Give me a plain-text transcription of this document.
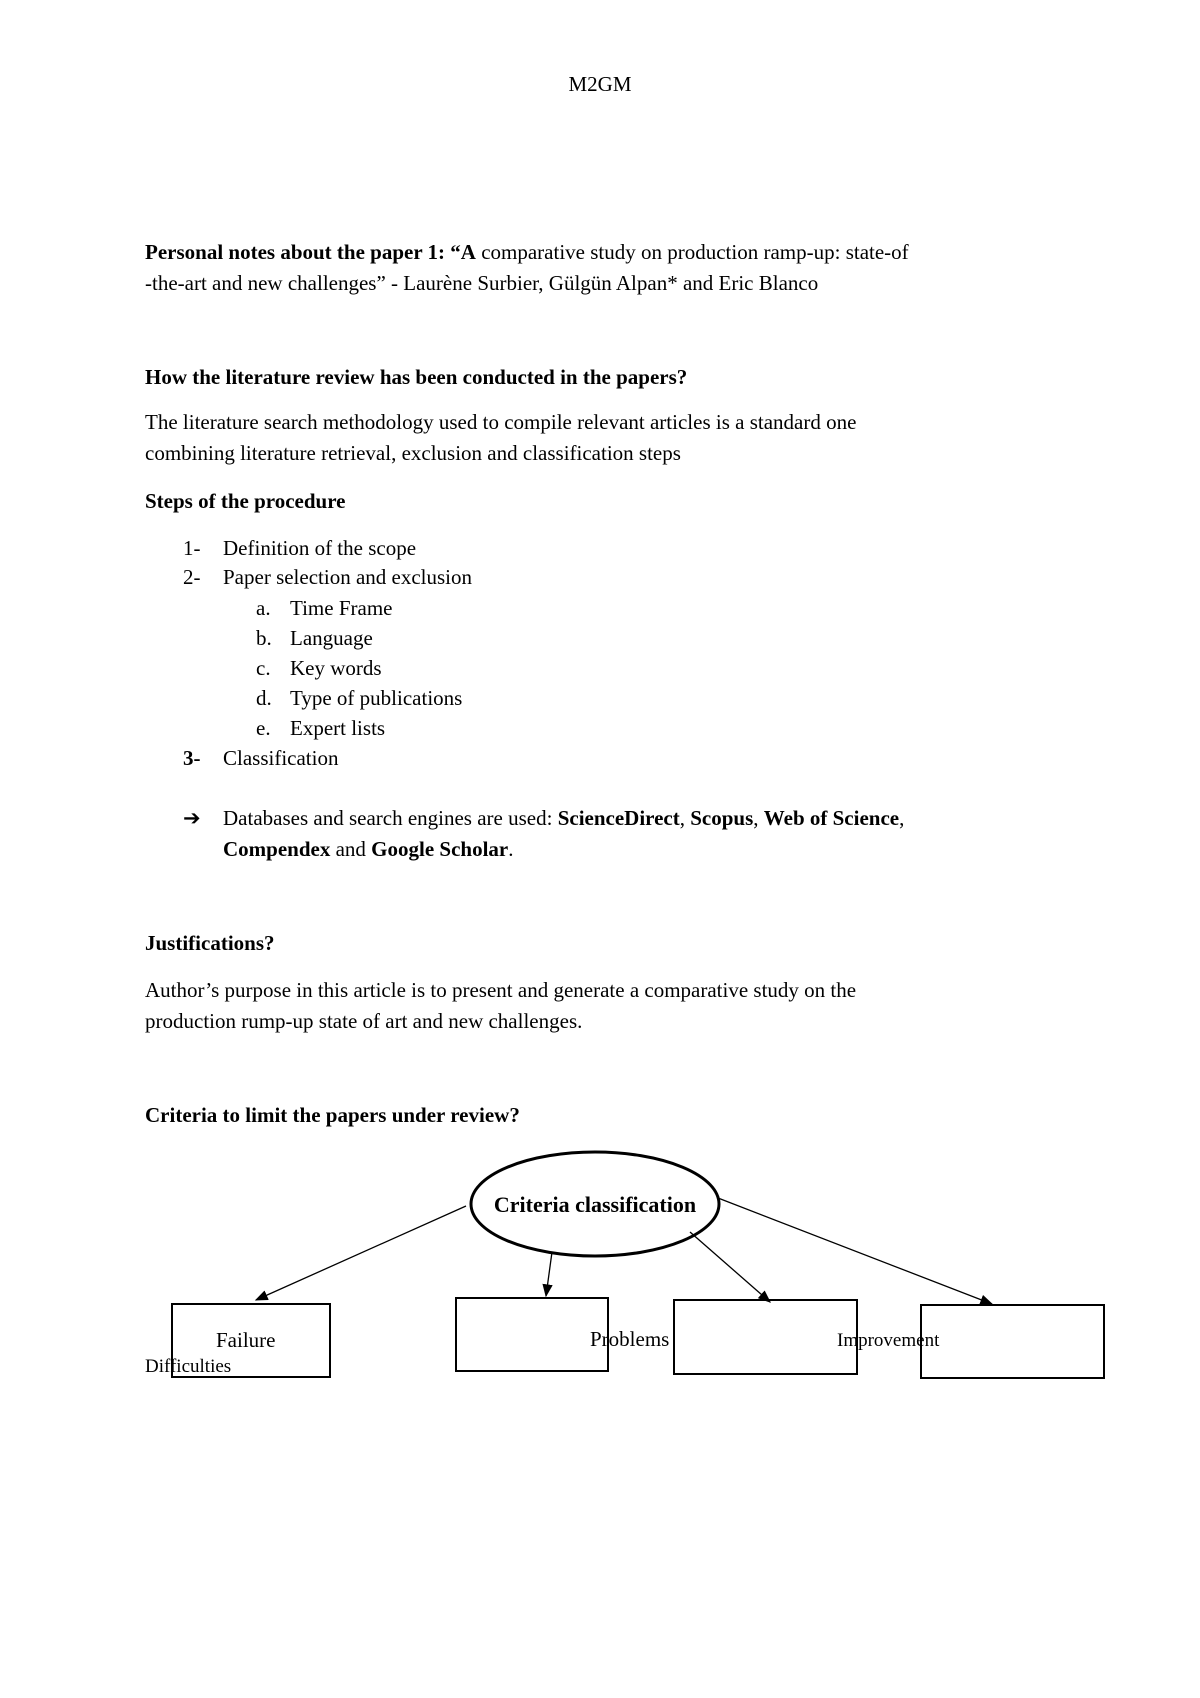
M2GM
Personal notes about the paper 1: “A comparative study on production ramp-up: state-of
-the-art and new challenges” - Laurène Surbier, Gülgün Alpan* and Eric Blanco
How the literature review has been conducted in the papers?
The literature search methodology used to compile relevant articles is a standard one
combining literature retrieval, exclusion and classification steps
Steps of the procedure
1- Definition of the scope
2- Paper selection and exclusion
a. Time Frame
b. Language
c. Key words
d. Type of publications
e. Expert lists
3- Classification
➔ Databases and search engines are used: ScienceDirect, Scopus, Web of Science,
Compendex and Google Scholar.
Justifications?
Author’s purpose in this article is to present and generate a comparative study on the
production rump-up state of art and new challenges.
Criteria to limit the papers under review?
Criteria classification
Failure
Difficulties
Problems	Improvement
